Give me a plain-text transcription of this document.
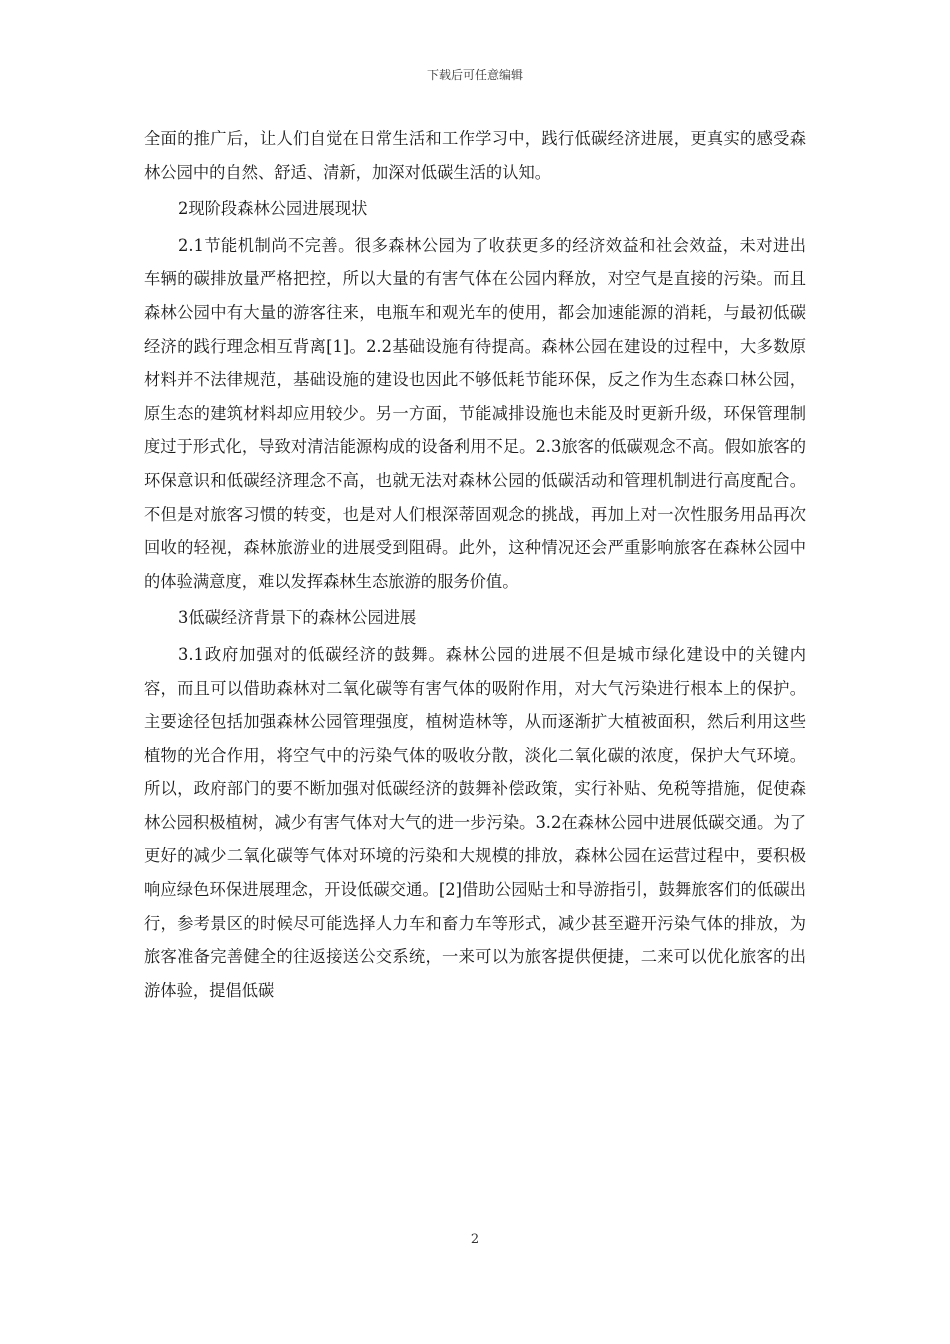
下载后可任意编辑

全面的推广后，让人们自觉在日常生活和工作学习中，践行低碳经济进展，更真实的感受森林公园中的自然、舒适、清新，加深对低碳生活的认知。

2现阶段森林公园进展现状

2.1节能机制尚不完善。很多森林公园为了收获更多的经济效益和社会效益，未对进出车辆的碳排放量严格把控，所以大量的有害气体在公园内释放，对空气是直接的污染。而且森林公园中有大量的游客往来，电瓶车和观光车的使用，都会加速能源的消耗，与最初低碳经济的践行理念相互背离[1]。2.2基础设施有待提高。森林公园在建设的过程中，大多数原材料并不法律规范，基础设施的建设也因此不够低耗节能环保，反之作为生态森口林公园，原生态的建筑材料却应用较少。另一方面，节能减排设施也未能及时更新升级，环保管理制度过于形式化，导致对清洁能源构成的设备利用不足。2.3旅客的低碳观念不高。假如旅客的环保意识和低碳经济理念不高，也就无法对森林公园的低碳活动和管理机制进行高度配合。不但是对旅客习惯的转变，也是对人们根深蒂固观念的挑战，再加上对一次性服务用品再次回收的轻视，森林旅游业的进展受到阻碍。此外，这种情况还会严重影响旅客在森林公园中的体验满意度，难以发挥森林生态旅游的服务价值。

3低碳经济背景下的森林公园进展

3.1政府加强对的低碳经济的鼓舞。森林公园的进展不但是城市绿化建设中的关键内容，而且可以借助森林对二氧化碳等有害气体的吸附作用，对大气污染进行根本上的保护。主要途径包括加强森林公园管理强度，植树造林等，从而逐渐扩大植被面积，然后利用这些植物的光合作用，将空气中的污染气体的吸收分散，淡化二氧化碳的浓度，保护大气环境。所以，政府部门的要不断加强对低碳经济的鼓舞补偿政策，实行补贴、免税等措施，促使森林公园积极植树，减少有害气体对大气的进一步污染。3.2在森林公园中进展低碳交通。为了更好的减少二氧化碳等气体对环境的污染和大规模的排放，森林公园在运营过程中，要积极响应绿色环保进展理念，开设低碳交通。[2]借助公园贴士和导游指引，鼓舞旅客们的低碳出行，参考景区的时候尽可能选择人力车和畜力车等形式，减少甚至避开污染气体的排放，为旅客准备完善健全的往返接送公交系统，一来可以为旅客提供便捷，二来可以优化旅客的出游体验，提倡低碳

2
